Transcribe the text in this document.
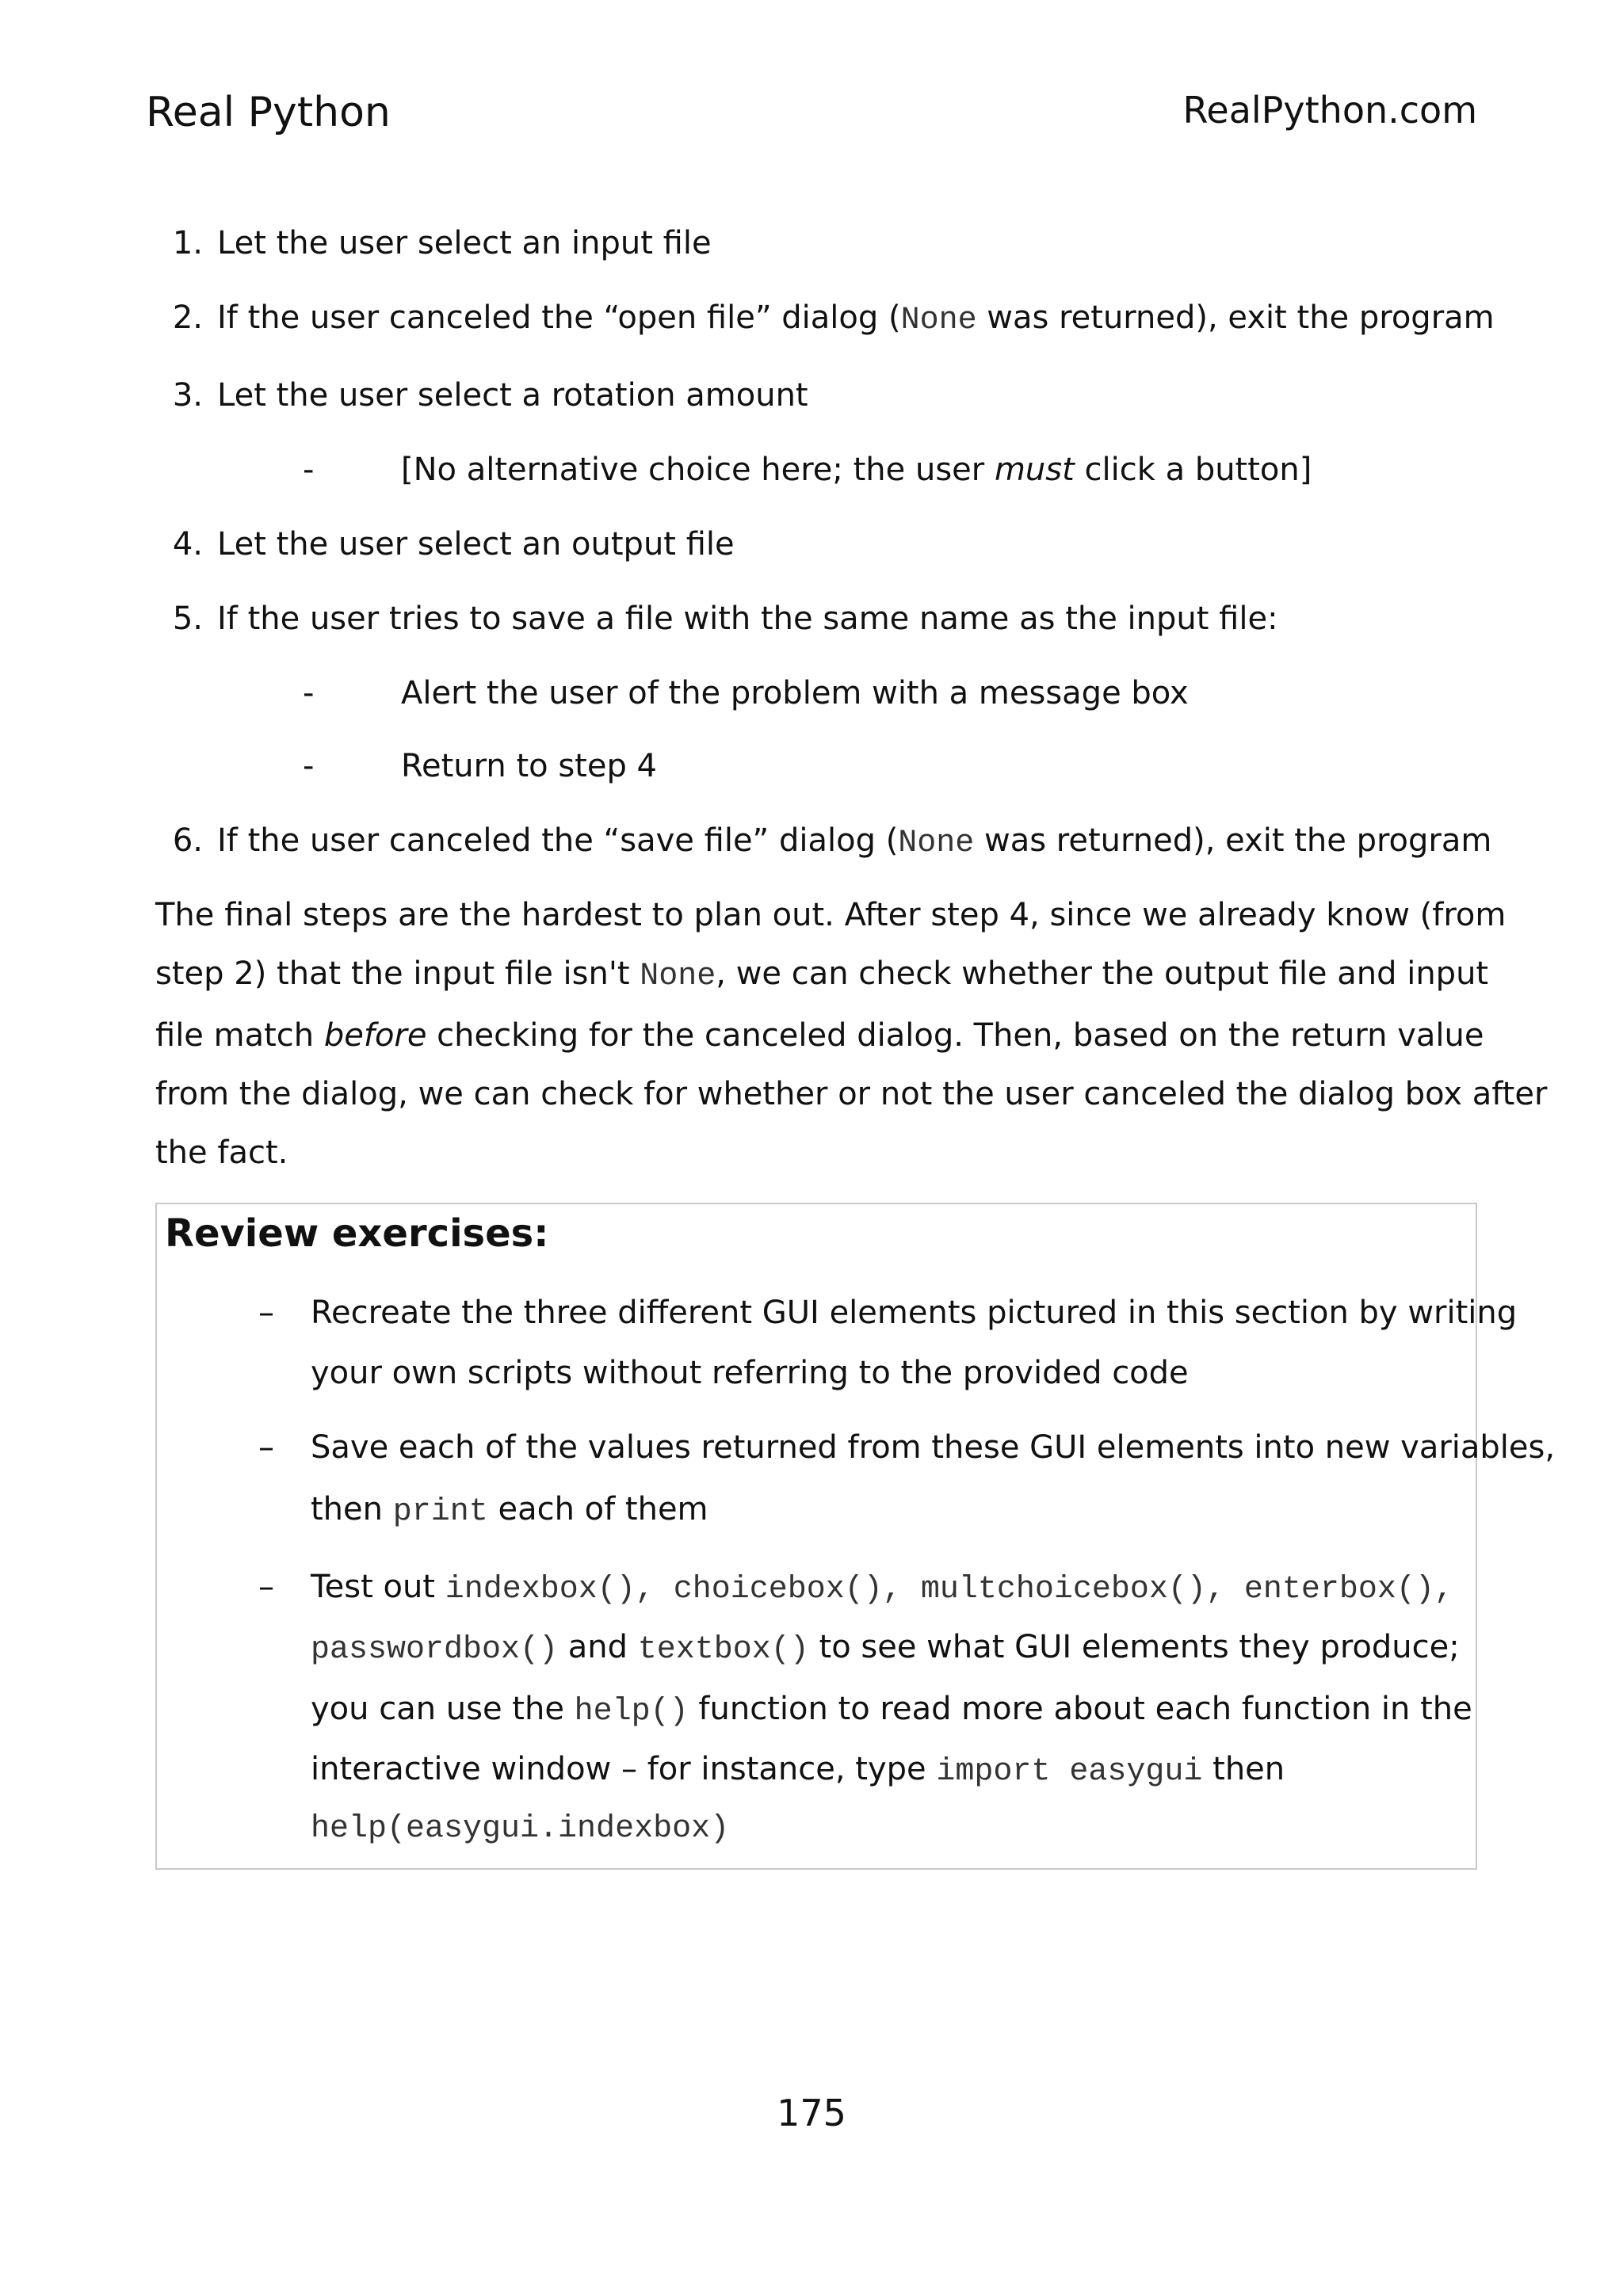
Real Python	RealPython.com
1. Let the user select an input file
2. If the user canceled the “open file” dialog (None was returned), exit the program
3. Let the user select a rotation amount
-	[No alternative choice here; the user must click a button]
4. Let the user select an output file
5. If the user tries to save a file with the same name as the input file:
-	Alert the user of the problem with a message box
-	Return to step 4
6. If the user canceled the “save file” dialog (None was returned), exit the program

The final steps are the hardest to plan out. After step 4, since we already know (from

step 2) that the input file isn't None, we can check whether the output file and input

file match before checking for the canceled dialog. Then, based on the return value

from the dialog, we can check for whether or not the user canceled the dialog box after

the fact.

Review exercises:
– Recreate the three different GUI elements pictured in this section by writing
your own scripts without referring to the provided code
– Save each of the values returned from these GUI elements into new variables,
then print each of them
– Test out indexbox(), choicebox(), multchoicebox(), enterbox(),
passwordbox() and textbox() to see what GUI elements they produce;
you can use the help() function to read more about each function in the
interactive window – for instance, type import easygui then
help(easygui.indexbox)
175
